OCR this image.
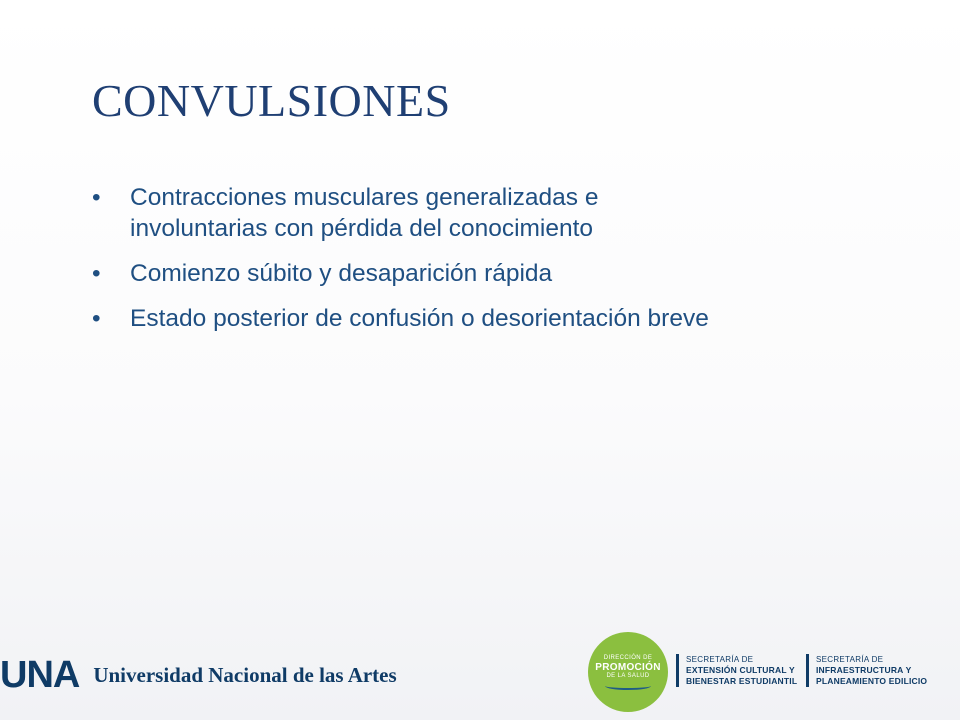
CONVULSIONES
• Contracciones musculares generalizadas e
involuntarias con pérdida del conocimiento
• Comienzo súbito y desaparición rápida
• Estado posterior de confusión o desorientación breve
UNA Universidad Nacional de las Artes
DIRECCIÓN DE
PROMOCIÓN
DE LA SALUD
SECRETARÍA DE
EXTENSIÓN CULTURAL Y
BIENESTAR ESTUDIANTIL
SECRETARÍA DE
INFRAESTRUCTURA Y
PLANEAMIENTO EDILICIO
